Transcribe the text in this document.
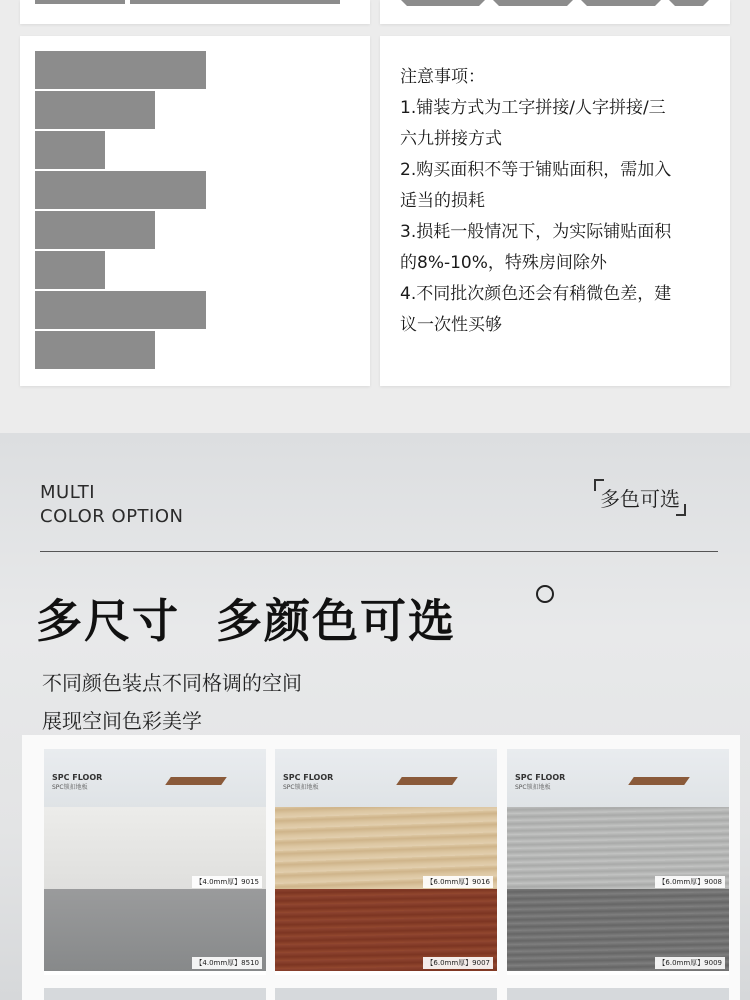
注意事项：

1.铺装方式为工字拼接/人字拼接/三

六九拼接方式

2.购买面积不等于铺贴面积，需加入

适当的损耗

3.损耗一般情况下，为实际铺贴面积

的8%-10%，特殊房间除外

4.不同批次颜色还会有稍微色差，建

议一次性买够

MULTI
COLOR OPTION
多色可选
多尺寸  多颜色可选
不同颜色装点不同格调的空间
展现空间色彩美学
SPC FLOOR
SPC锁扣地板
【4.0mm厚】9015
【4.0mm厚】8510
SPC FLOOR
SPC锁扣地板
【6.0mm厚】9016
【6.0mm厚】9007
SPC FLOOR
SPC锁扣地板
【6.0mm厚】9008
【6.0mm厚】9009
